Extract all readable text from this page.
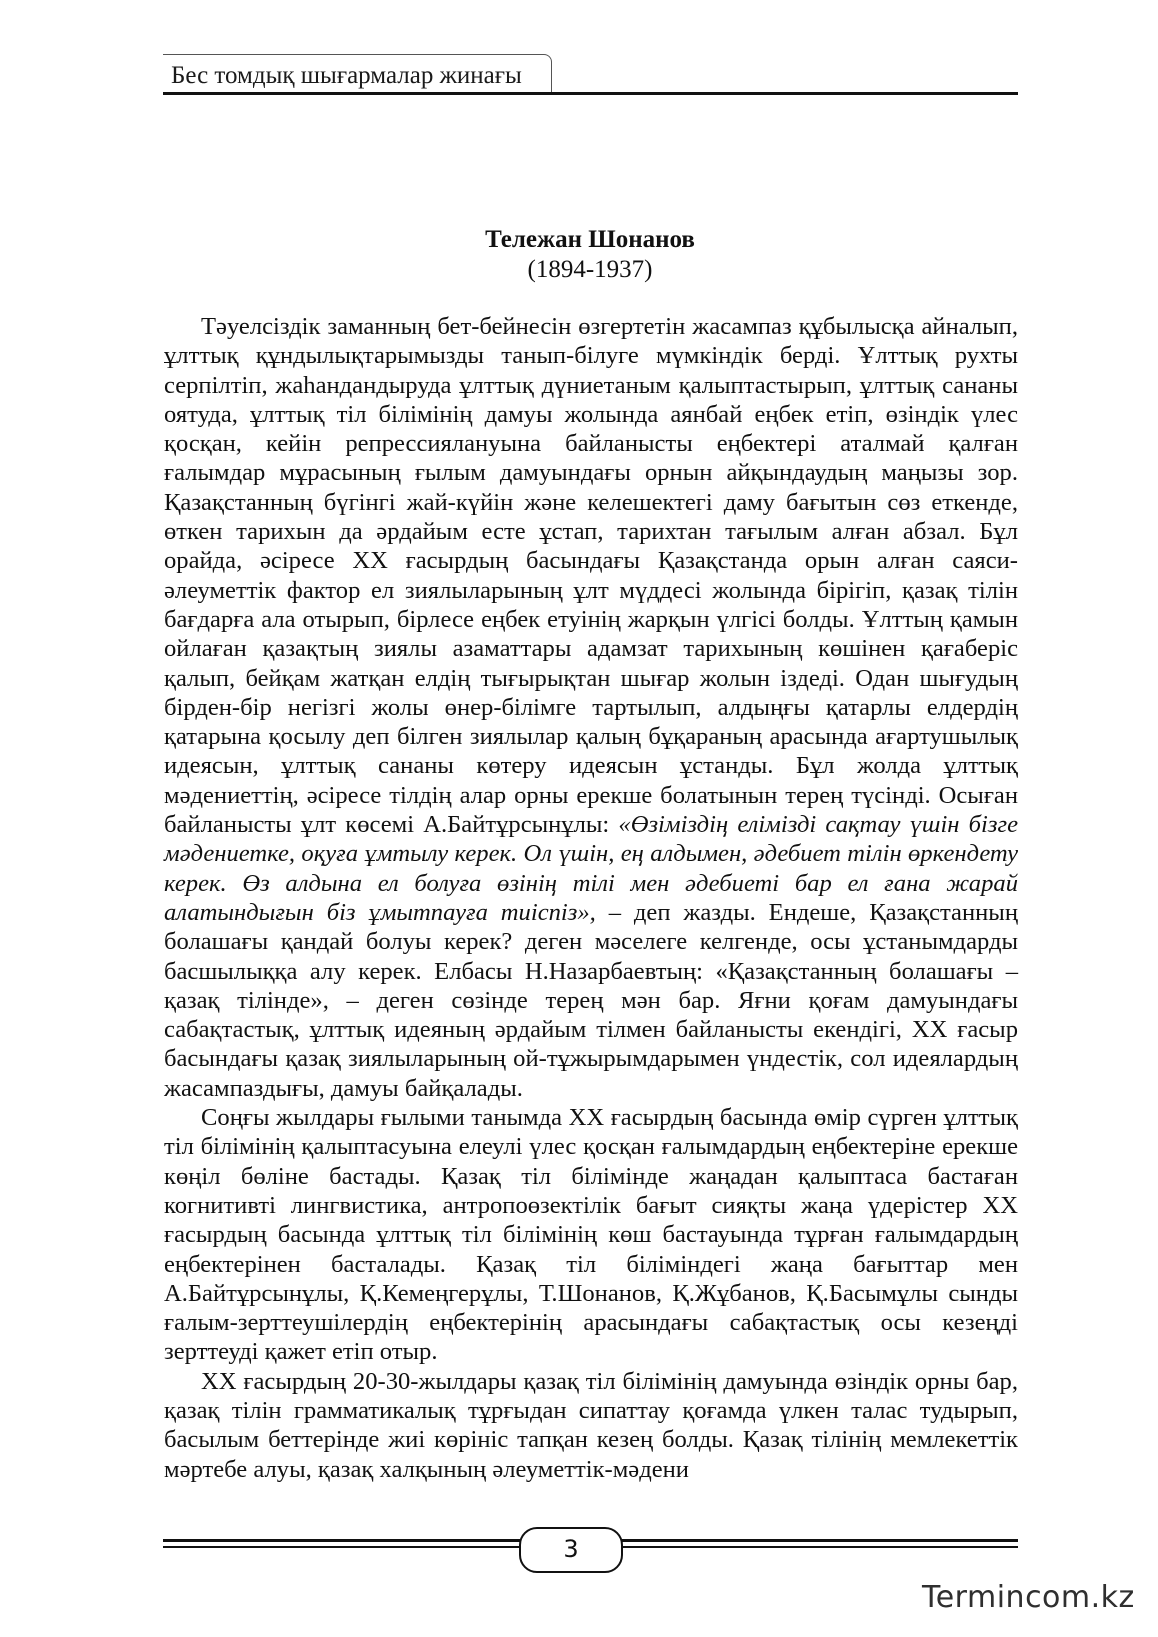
Бес томдық шығармалар жинағы
Тележан Шонанов
(1894-1937)

Тәуелсіздік заманның бет-бейнесін өзгертетін жасампаз құбылысқа айналып, ұлттық құндылықтарымызды танып-білуге мүмкіндік берді. Ұлттық рухты серпілтіп, жаһандандыруда ұлттық дүниетаным қалыптастырып, ұлттық сананы оятуда, ұлттық тіл білімінің дамуы жолында аянбай еңбек етіп, өзіндік үлес қосқан, кейін репрессиялануына байланысты еңбектері аталмай қалған ғалымдар мұрасының ғылым дамуындағы орнын айқындаудың маңызы зор. Қазақстанның бүгінгі жай-күйін және келешектегі даму бағытын сөз еткенде, өткен тарихын да әрдайым есте ұстап, тарихтан тағылым алған абзал. Бұл орайда, әсіресе ХХ ғасырдың басындағы Қазақстанда орын алған саяси-әлеуметтік фактор ел зиялыларының ұлт мүддесі жолында бірігіп, қазақ тілін бағдарға ала отырып, бірлесе еңбек етуінің жарқын үлгісі болды. Ұлттың қамын ойлаған қазақтың зиялы азаматтары адамзат тарихының көшінен қағаберіс қалып, бейқам жатқан елдің тығырықтан шығар жолын іздеді. Одан шығудың бірден-бір негізгі жолы өнер-білімге тартылып, алдыңғы қатарлы елдердің қатарына қосылу деп білген зиялылар қалың бұқараның арасында ағартушылық идеясын, ұлттық сананы көтеру идеясын ұстанды. Бұл жолда ұлттық мәдениеттің, әсіресе тілдің алар орны ерекше болатынын терең түсінді. Осыған байланысты ұлт көсемі А.Байтұрсынұлы: «Өзіміздің елімізді сақтау үшін бізге мәдениетке, оқуға ұмтылу керек. Ол үшін, ең алдымен, әдебиет тілін өркендету керек. Өз алдына ел болуға өзінің тілі мен әдебиеті бар ел ғана жарай алатындығын біз ұмытпауға тиіспіз», – деп жазды. Ендеше, Қазақстанның болашағы қандай болуы керек? деген мәселеге келгенде, осы ұстанымдарды басшылыққа алу керек. Елбасы Н.Назарбаевтың: «Қазақстанның болашағы – қазақ тілінде», – деген сөзінде терең мән бар. Яғни қоғам дамуындағы сабақтастық, ұлттық идеяның әрдайым тілмен байланысты екендігі, ХХ ғасыр басындағы қазақ зиялыларының ой-тұжырымдарымен үндестік, сол идеялардың жасампаздығы, дамуы байқалады.

Соңғы жылдары ғылыми танымда ХХ ғасырдың басында өмір сүрген ұлттық тіл білімінің қалыптасуына елеулі үлес қосқан ғалымдардың еңбектеріне ерекше көңіл бөліне бастады. Қазақ тіл білімінде жаңадан қалыптаса бастаған когнитивті лингвистика, антропоөзектілік бағыт сияқты жаңа үдерістер ХХ ғасырдың басында ұлттық тіл білімінің көш бастауында тұрған ғалымдардың еңбектерінен басталады. Қазақ тіл біліміндегі жаңа бағыттар мен А.Байтұрсынұлы, Қ.Кемеңгерұлы, Т.Шонанов, Қ.Жұбанов, Қ.Басымұлы сынды ғалым-зерттеушілердің еңбектерінің арасындағы сабақтастық осы кезеңді зерттеуді қажет етіп отыр.

ХХ ғасырдың 20-30-жылдары қазақ тіл білімінің дамуында өзіндік орны бар, қазақ тілін грамматикалық тұрғыдан сипаттау қоғамда үлкен талас тудырып, басылым беттерінде жиі көрініс тапқан кезең болды. Қазақ тілінің мемлекеттік мәртебе алуы, қазақ халқының әлеуметтік-мәдени

3
Termincom.kz
